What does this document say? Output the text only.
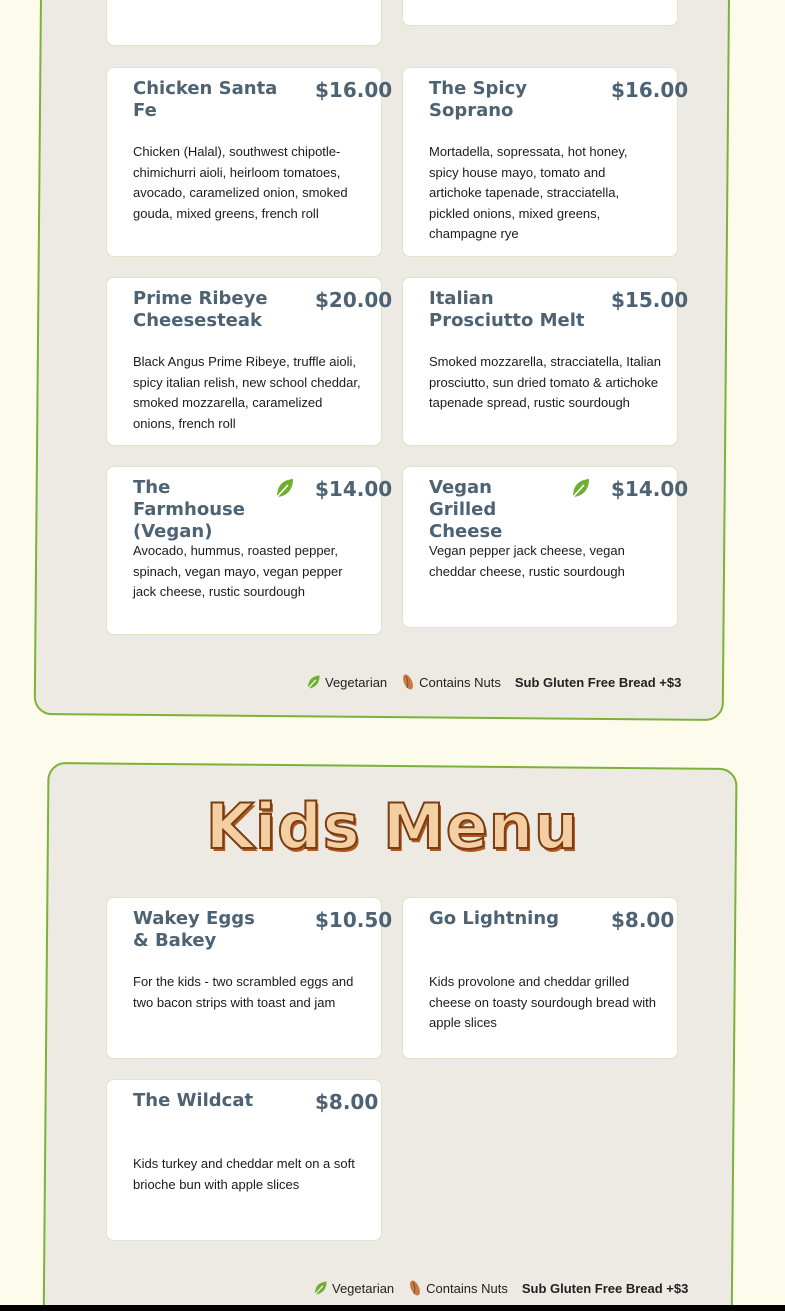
Chicken Santa Fe
$16.00
Chicken (Halal), southwest chipotle-chimichurri aioli, heirloom tomatoes, avocado, caramelized onion, smoked gouda, mixed greens, french roll
The Spicy Soprano
$16.00
Mortadella, sopressata, hot honey, spicy house mayo, tomato and artichoke tapenade, stracciatella, pickled onions, mixed greens, champagne rye
Prime Ribeye Cheesesteak
$20.00
Black Angus Prime Ribeye, truffle aioli, spicy italian relish, new school cheddar, smoked mozzarella, caramelized onions, french roll
Italian Prosciutto Melt
$15.00
Smoked mozzarella, stracciatella, Italian prosciutto, sun dried tomato & artichoke tapenade spread, rustic sourdough
The Farmhouse (Vegan)
$14.00
Avocado, hummus, roasted pepper, spinach, vegan mayo, vegan pepper jack cheese, rustic sourdough
Vegan Grilled Cheese
$14.00
Vegan pepper jack cheese, vegan cheddar cheese, rustic sourdough
Vegetarian Contains Nuts Sub Gluten Free Bread +$3
Kids Menu
Wakey Eggs & Bakey
$10.50
For the kids - two scrambled eggs and two bacon strips with toast and jam
Go Lightning	$8.00
Kids provolone and cheddar grilled cheese on toasty sourdough bread with apple slices
The Wildcat	$8.00
Kids turkey and cheddar melt on a soft brioche bun with apple slices
Vegetarian Contains Nuts Sub Gluten Free Bread +$3
